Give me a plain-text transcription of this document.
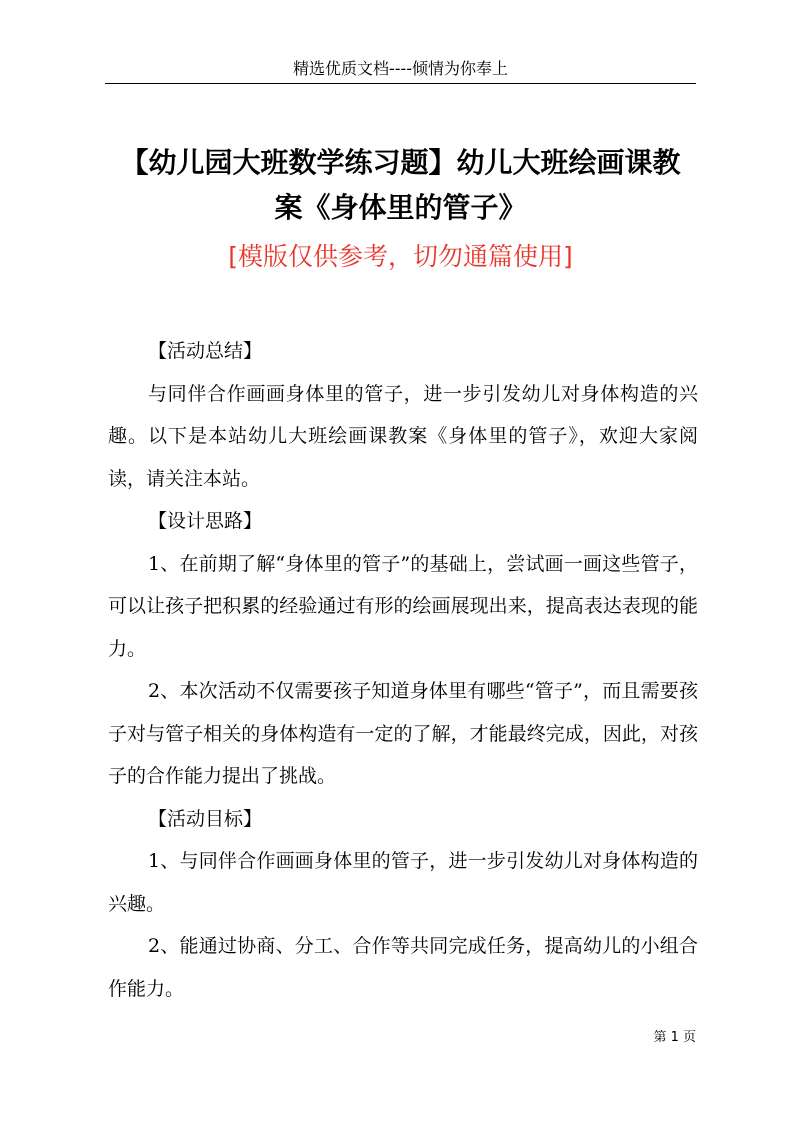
精选优质文档----倾情为你奉上
【幼儿园大班数学练习题】幼儿大班绘画课教
案《身体里的管子》
[模版仅供参考，切勿通篇使用]

【活动总结】

与同伴合作画画身体里的管子，进一步引发幼儿对身体构造的兴趣。以下是本站幼儿大班绘画课教案《身体里的管子》，欢迎大家阅读，请关注本站。

【设计思路】

1、在前期了解“身体里的管子”的基础上，尝试画一画这些管子，可以让孩子把积累的经验通过有形的绘画展现出来，提高表达表现的能力。

2、本次活动不仅需要孩子知道身体里有哪些“管子”，而且需要孩子对与管子相关的身体构造有一定的了解，才能最终完成，因此，对孩子的合作能力提出了挑战。

【活动目标】

1、与同伴合作画画身体里的管子，进一步引发幼儿对身体构造的兴趣。

2、能通过协商、分工、合作等共同完成任务，提高幼儿的小组合作能力。

第 1 页
